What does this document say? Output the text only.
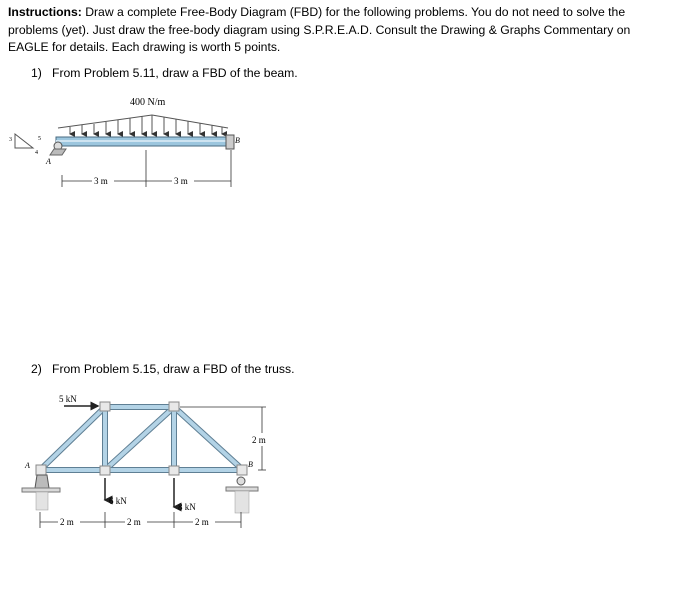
Instructions: Draw a complete Free-Body Diagram (FBD) for the following problems. You do not need to solve the
problems (yet). Just draw the free-body diagram using S.P.R.E.A.D. Consult the Drawing & Graphs Commentary on
EAGLE for details. Each drawing is worth 5 points.
1) From Problem 5.11, draw a FBD of the beam.
2) From Problem 5.15, draw a FBD of the truss.
400 N/m
B
3
4
5
A
3 m	3 m
A	B
5 kN
6 kN
8 kN
2 m
2 m	2 m	2 m
